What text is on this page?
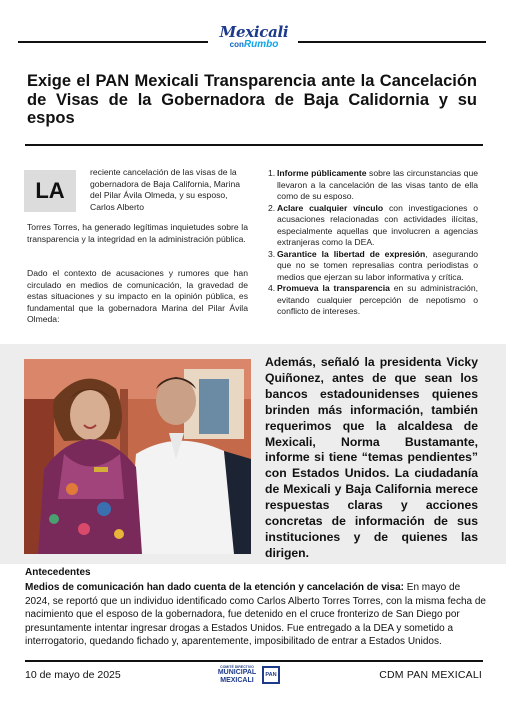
Mexicali
conRumbo
Exige el PAN Mexicali Transparencia ante la Cancelación de Visas de la Gobernadora de Baja Calidornia y su espos
LA

reciente cancelación de las visas de la gobernadora de Baja California, Marina del Pilar Ávila Olmeda, y su esposo, Carlos Alberto

Torres Torres, ha generado legítimas inquietudes sobre la transparencia y la integridad en la administración pública.

Dado el contexto de acusaciones y rumores que han circulado en medios de comunicación, la gravedad de estas situaciones y su impacto en la opinión pública, es fundamental que la gobernadora Marina del Pilar Ávila Olmeda:

1. Informe públicamente sobre las circunstancias que llevaron a la cancelación de las visas tanto de ella como de su esposo.
2. Aclare cualquier vínculo con investigaciones o acusaciones relacionadas con actividades ilícitas, especialmente aquellas que involucren a agencias extranjeras como la DEA.
3. Garantice la libertad de expresión, asegurando que no se tomen represalias contra periodistas o medios que ejerzan su labor informativa y crítica.
4. Promueva la transparencia en su administración, evitando cualquier percepción de nepotismo o conflicto de intereses.

Además, señaló la presidenta Vicky Quiñonez, antes de que sean los bancos estadounidenses quienes brinden más información, también requerimos que la alcaldesa de Mexicali, Norma Bustamante, informe si tiene “temas pendientes” con Estados Unidos. La ciudadanía de Mexicali y Baja California merece respuestas claras y acciones concretas de información de sus instituciones y de quienes las dirigen.

Antecedentes

Medios de comunicación han dado cuenta de la etención y cancelación de visa: En mayo de 2024, se reportó que un individuo identificado como Carlos Alberto Torres Torres, con la misma fecha de nacimiento que el esposo de la gobernadora, fue detenido en el cruce fronterizo de San Diego por presuntamente intentar ingresar drogas a Estados Unidos. Fue entregado a la DEA y sometido a interrogatorio, quedando fichado y, aparentemente, imposibilitado de entrar a Estados Unidos.

10 de mayo de 2025
COMITÉ DIRECTIVO
MUNICIPAL
MEXICALI
PAN	CDM PAN MEXICALI
